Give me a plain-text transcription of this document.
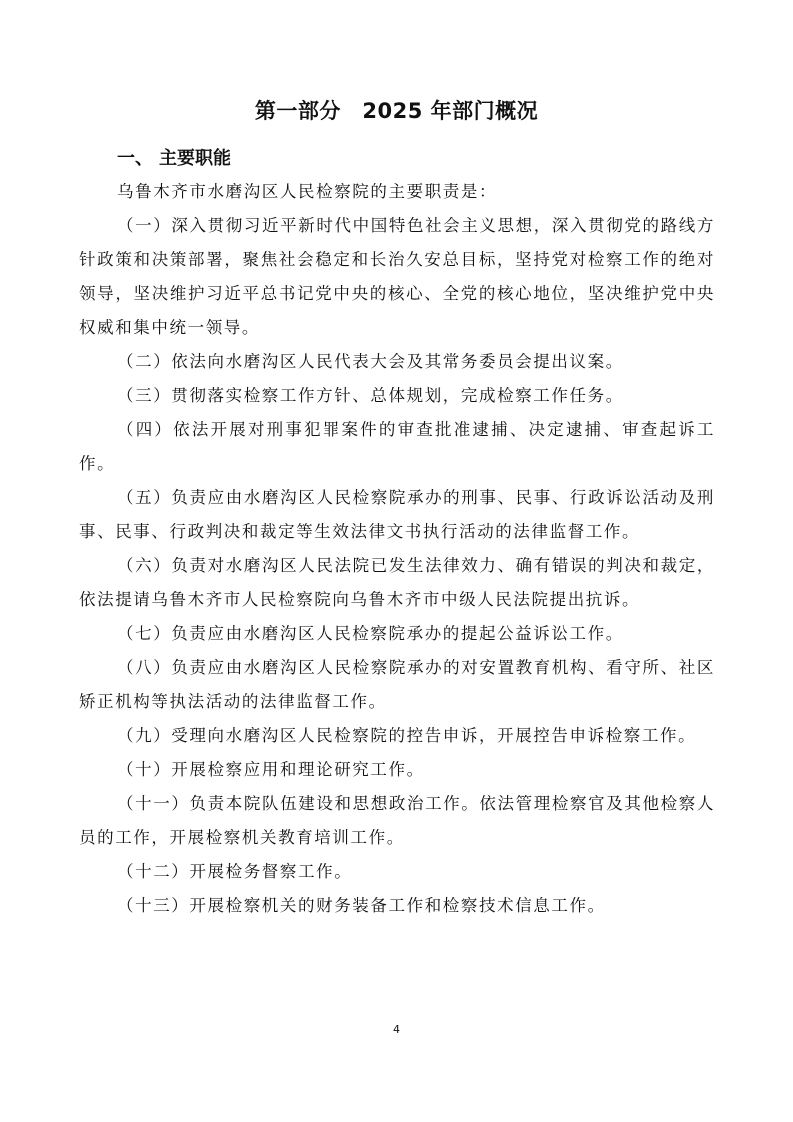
第一部分　2025 年部门概况
一、 主要职能

乌鲁木齐市水磨沟区人民检察院的主要职责是：

（一）深入贯彻习近平新时代中国特色社会主义思想，深入贯彻党的路线方针政策和决策部署，聚焦社会稳定和长治久安总目标，坚持党对检察工作的绝对领导，坚决维护习近平总书记党中央的核心、全党的核心地位，坚决维护党中央权威和集中统一领导。

（二）依法向水磨沟区人民代表大会及其常务委员会提出议案。

（三）贯彻落实检察工作方针、总体规划，完成检察工作任务。

（四）依法开展对刑事犯罪案件的审查批准逮捕、决定逮捕、审查起诉工作。

（五）负责应由水磨沟区人民检察院承办的刑事、民事、行政诉讼活动及刑事、民事、行政判决和裁定等生效法律文书执行活动的法律监督工作。

（六）负责对水磨沟区人民法院已发生法律效力、确有错误的判决和裁定，依法提请乌鲁木齐市人民检察院向乌鲁木齐市中级人民法院提出抗诉。

（七）负责应由水磨沟区人民检察院承办的提起公益诉讼工作。

（八）负责应由水磨沟区人民检察院承办的对安置教育机构、看守所、社区矫正机构等执法活动的法律监督工作。

（九）受理向水磨沟区人民检察院的控告申诉，开展控告申诉检察工作。

（十）开展检察应用和理论研究工作。

（十一）负责本院队伍建设和思想政治工作。依法管理检察官及其他检察人员的工作，开展检察机关教育培训工作。

（十二）开展检务督察工作。

（十三）开展检察机关的财务装备工作和检察技术信息工作。

4
